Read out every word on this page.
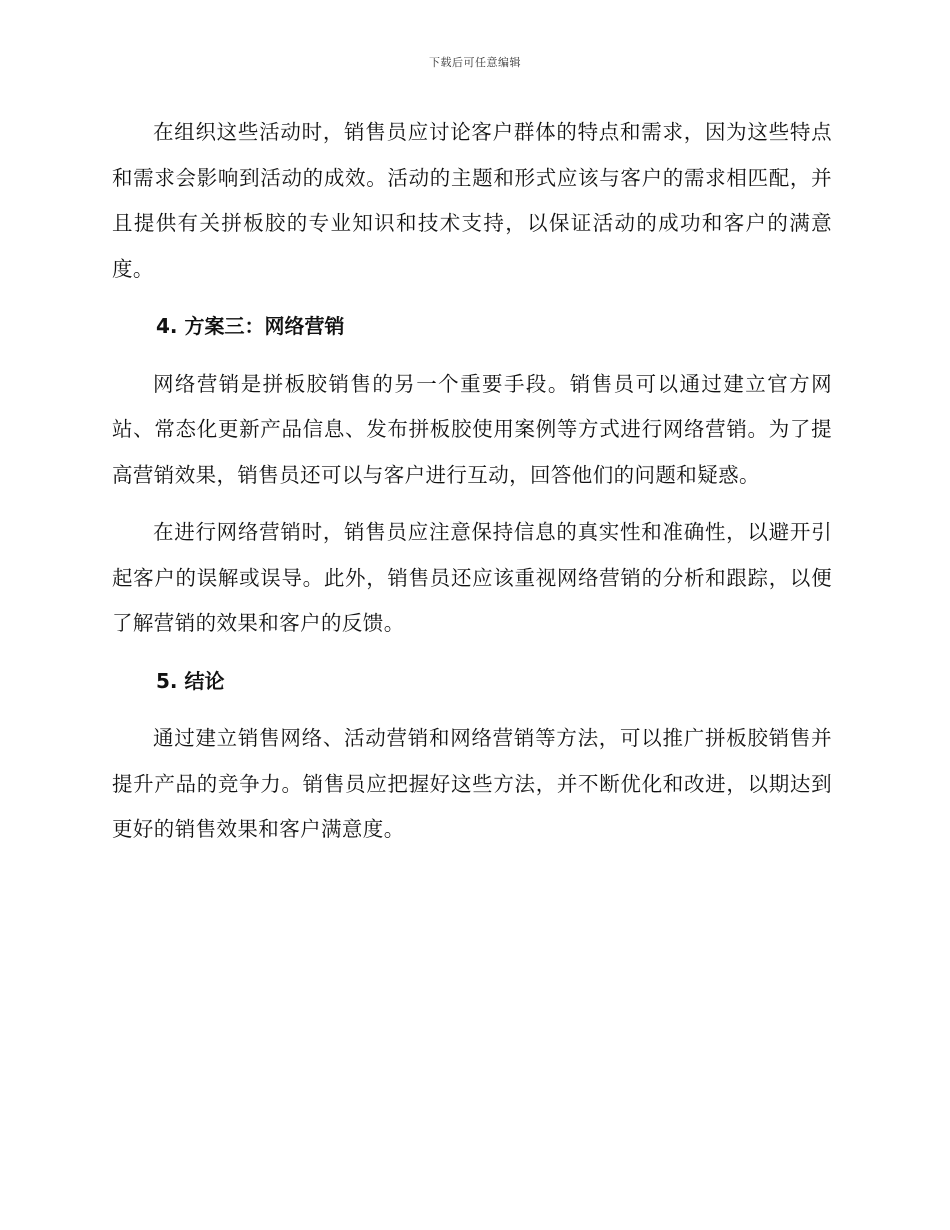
下载后可任意编辑

在组织这些活动时，销售员应讨论客户群体的特点和需求，因为这些特点和需求会影响到活动的成效。活动的主题和形式应该与客户的需求相匹配，并且提供有关拼板胶的专业知识和技术支持，以保证活动的成功和客户的满意度。

4. 方案三：网络营销

网络营销是拼板胶销售的另一个重要手段。销售员可以通过建立官方网站、常态化更新产品信息、发布拼板胶使用案例等方式进行网络营销。为了提高营销效果，销售员还可以与客户进行互动，回答他们的问题和疑惑。

在进行网络营销时，销售员应注意保持信息的真实性和准确性，以避开引起客户的误解或误导。此外，销售员还应该重视网络营销的分析和跟踪，以便了解营销的效果和客户的反馈。

5. 结论

通过建立销售网络、活动营销和网络营销等方法，可以推广拼板胶销售并提升产品的竞争力。销售员应把握好这些方法，并不断优化和改进，以期达到更好的销售效果和客户满意度。
